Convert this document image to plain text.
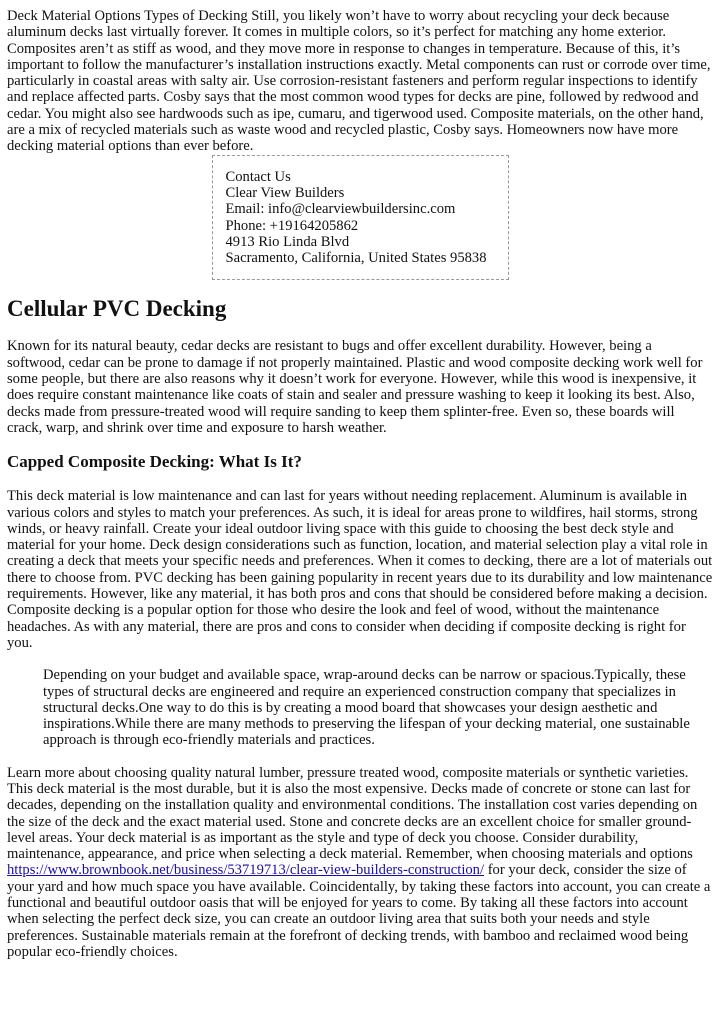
Deck Material Options Types of Decking Still, you likely won’t have to worry about recycling your deck because aluminum decks last virtually forever. It comes in multiple colors, so it’s perfect for matching any home exterior. Composites aren’t as stiff as wood, and they move more in response to changes in temperature. Because of this, it’s important to follow the manufacturer’s installation instructions exactly. Metal components can rust or corrode over time, particularly in coastal areas with salty air. Use corrosion-resistant fasteners and perform regular inspections to identify and replace affected parts. Cosby says that the most common wood types for decks are pine, followed by redwood and cedar. You might also see hardwoods such as ipe, cumaru, and tigerwood used. Composite materials, on the other hand, are a mix of recycled materials such as waste wood and recycled plastic, Cosby says. Homeowners now have more decking material options than ever before.

Contact Us
Clear View Builders
Email: info@clearviewbuildersinc.com
Phone: +19164205862
4913 Rio Linda Blvd
Sacramento, California, United States 95838
Cellular PVC Decking

Known for its natural beauty, cedar decks are resistant to bugs and offer excellent durability. However, being a softwood, cedar can be prone to damage if not properly maintained. Plastic and wood composite decking work well for some people, but there are also reasons why it doesn’t work for everyone. However, while this wood is inexpensive, it does require constant maintenance like coats of stain and sealer and pressure washing to keep it looking its best. Also, decks made from pressure-treated wood will require sanding to keep them splinter-free. Even so, these boards will crack, warp, and shrink over time and exposure to harsh weather.

Capped Composite Decking: What Is It?

This deck material is low maintenance and can last for years without needing replacement. Aluminum is available in various colors and styles to match your preferences. As such, it is ideal for areas prone to wildfires, hail storms, strong winds, or heavy rainfall. Create your ideal outdoor living space with this guide to choosing the best deck style and material for your home. Deck design considerations such as function, location, and material selection play a vital role in creating a deck that meets your specific needs and preferences. When it comes to decking, there are a lot of materials out there to choose from. PVC decking has been gaining popularity in recent years due to its durability and low maintenance requirements. However, like any material, it has both pros and cons that should be considered before making a decision. Composite decking is a popular option for those who desire the look and feel of wood, without the maintenance headaches. As with any material, there are pros and cons to consider when deciding if composite decking is right for you.

Depending on your budget and available space, wrap-around decks can be narrow or spacious.Typically, these types of structural decks are engineered and require an experienced construction company that specializes in structural decks.One way to do this is by creating a mood board that showcases your design aesthetic and inspirations.While there are many methods to preserving the lifespan of your decking material, one sustainable approach is through eco-friendly materials and practices.

Learn more about choosing quality natural lumber, pressure treated wood, composite materials or synthetic varieties. This deck material is the most durable, but it is also the most expensive. Decks made of concrete or stone can last for decades, depending on the installation quality and environmental conditions. The installation cost varies depending on the size of the deck and the exact material used. Stone and concrete decks are an excellent choice for smaller ground-level areas. Your deck material is as important as the style and type of deck you choose. Consider durability, maintenance, appearance, and price when selecting a deck material. Remember, when choosing materials and options https://www.brownbook.net/business/53719713/clear-view-builders-construction/ for your deck, consider the size of your yard and how much space you have available. Coincidentally, by taking these factors into account, you can create a functional and beautiful outdoor oasis that will be enjoyed for years to come. By taking all these factors into account when selecting the perfect deck size, you can create an outdoor living area that suits both your needs and style preferences. Sustainable materials remain at the forefront of decking trends, with bamboo and reclaimed wood being popular eco-friendly choices.
